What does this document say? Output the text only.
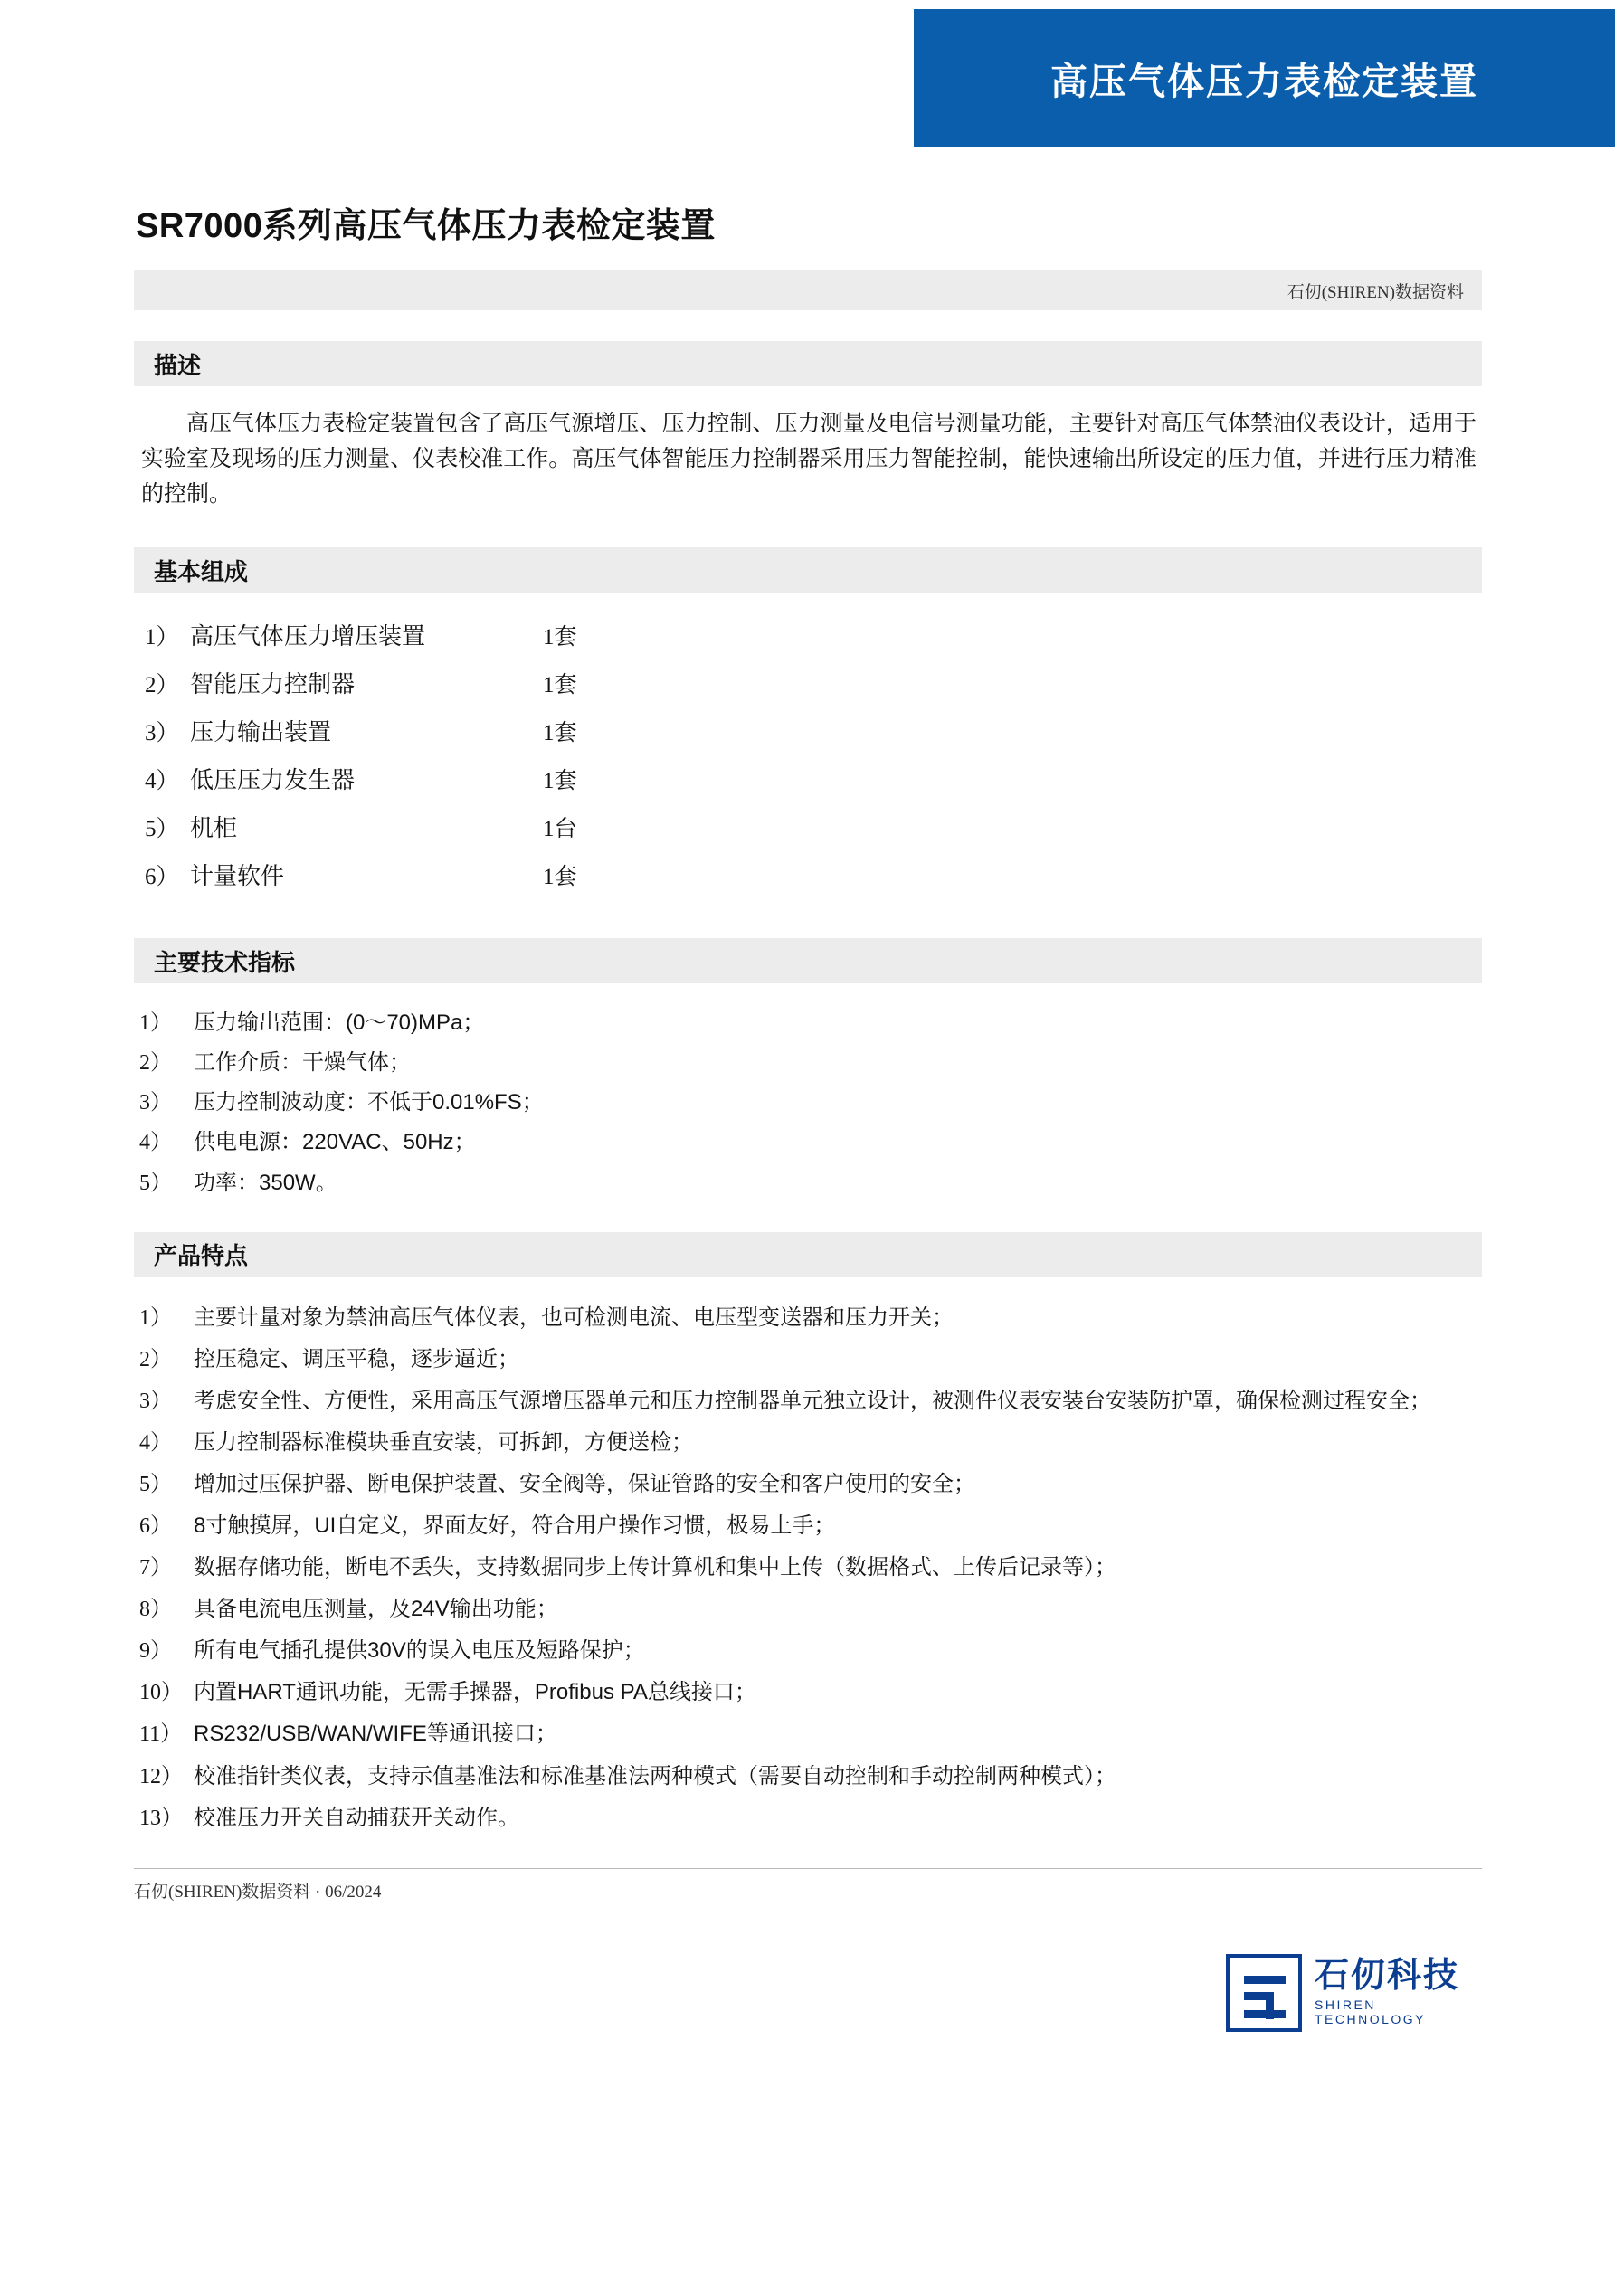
高压气体压力表检定装置
SR7000系列高压气体压力表检定装置
石仞(SHIREN)数据资料
描述

高压气体压力表检定装置包含了高压气源增压、压力控制、压力测量及电信号测量功能，主要针对高压气体禁油仪表设计，适用于实验室及现场的压力测量、仪表校准工作。高压气体智能压力控制器采用压力智能控制，能快速输出所设定的压力值，并进行压力精准的控制。

基本组成
1） 高压气体压力增压装置	1套
2） 智能压力控制器	1套
3） 压力输出装置	1套
4） 低压压力发生器	1套
5） 机柜	1台
6） 计量软件	1套
主要技术指标
1）	压力输出范围：(0～70)MPa；
2）	工作介质：干燥气体；
3）	压力控制波动度：不低于0.01%FS；
4）	供电电源：220VAC、50Hz；
5）	功率：350W。
产品特点
1）	主要计量对象为禁油高压气体仪表，也可检测电流、电压型变送器和压力开关；
2）	控压稳定、调压平稳，逐步逼近；
3）	考虑安全性、方便性，采用高压气源增压器单元和压力控制器单元独立设计，被测件仪表安装台安装防护罩，确保检测过程安全；
4）	压力控制器标准模块垂直安装，可拆卸，方便送检；
5）	增加过压保护器、断电保护装置、安全阀等，保证管路的安全和客户使用的安全；
6）	8寸触摸屏，UI自定义，界面友好，符合用户操作习惯，极易上手；
7）	数据存储功能，断电不丢失，支持数据同步上传计算机和集中上传（数据格式、上传后记录等）；
8）	具备电流电压测量，及24V输出功能；
9）	所有电气插孔提供30V的误入电压及短路保护；
10） 内置HART通讯功能，无需手操器，Profibus PA总线接口；
11） RS232/USB/WAN/WIFE等通讯接口；
12） 校准指针类仪表，支持示值基准法和标准基准法两种模式（需要自动控制和手动控制两种模式）；
13） 校准压力开关自动捕获开关动作。
石仞(SHIREN)数据资料 · 06/2024
石仞科技
SHIREN TECHNOLOGY
